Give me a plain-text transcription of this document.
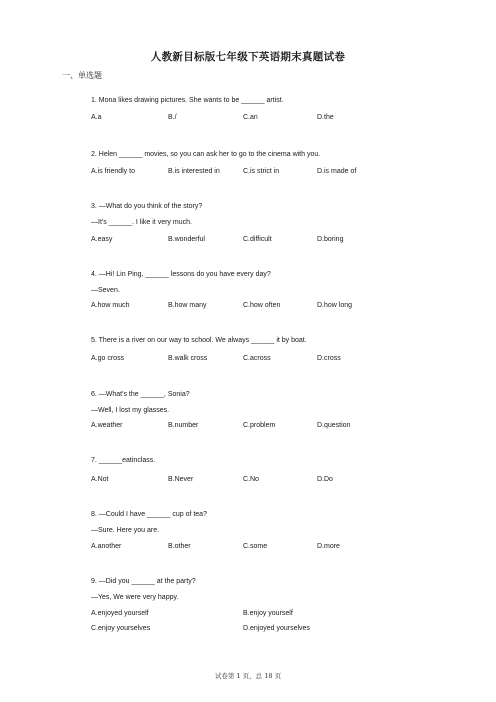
人教新目标版七年级下英语期末真题试卷
一、单选题
1. Mona likes drawing pictures. She wants to be ______ artist.
A.a	B./	C.an	D.the
2. Helen ______ movies, so you can ask her to go to the cinema with you.
A.is friendly to	B.is interested in	C.is strict in	D.is made of
3. —What do you think of the story?
—It's ______. I like it very much.
A.easy	B.wonderful	C.difficult	D.boring
4. —Hi! Lin Ping, ______ lessons do you have every day?
—Seven.
A.how much	B.how many	C.how often	D.how long
5. There is a river on our way to school. We always ______ it by boat.
A.go cross	B.walk cross	C.across	D.cross
6. —What's the ______, Sonia?
—Well, I lost my glasses.
A.weather	B.number	C.problem	D.question
7. ______eatinclass.
A.Not	B.Never	C.No	D.Do
8. —Could I have ______ cup of tea?
—Sure. Here you are.
A.another	B.other	C.some	D.more
9. —Did you ______ at the party?
—Yes, We were very happy.
A.enjoyed yourself	B.enjoy yourself
C.enjoy yourselves	D.enjoyed yourselves
试卷第 1 页，总 18 页
